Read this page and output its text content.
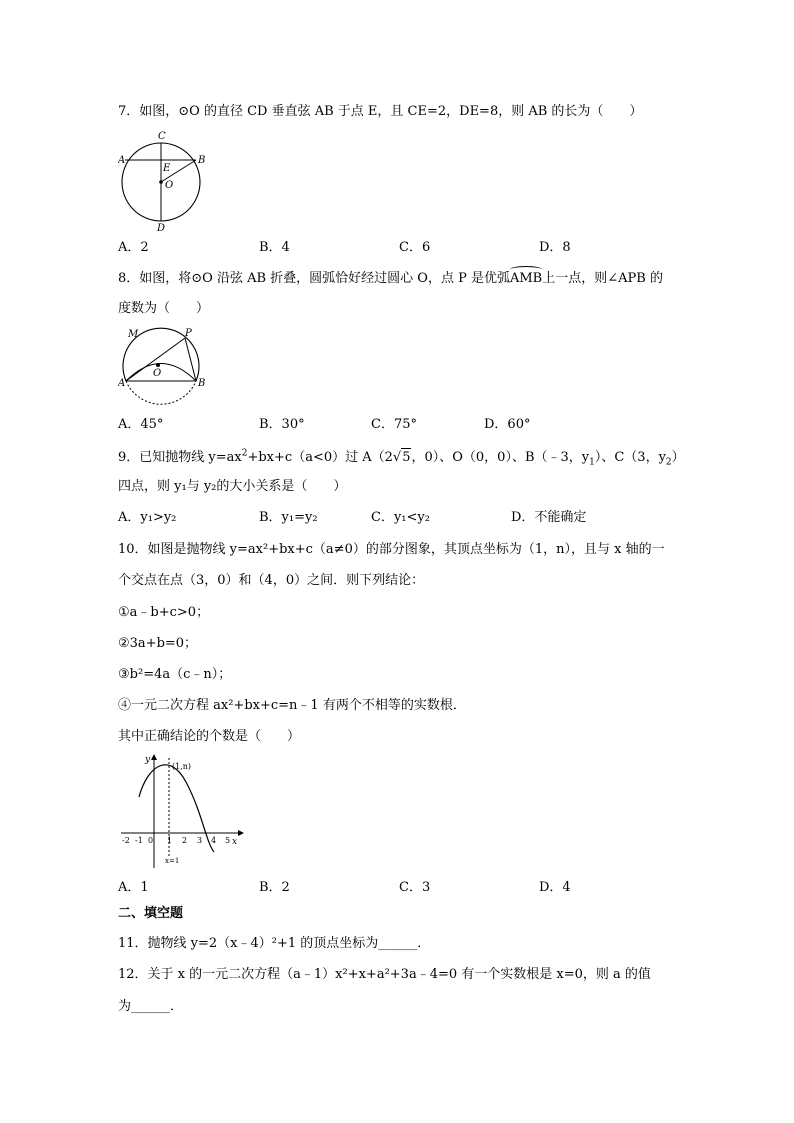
7．如图，⊙O 的直径 CD 垂直弦 AB 于点 E，且 CE=2，DE=8，则 AB 的长为（　　）
C
A	B
E
O
D
A．2	B．4	C．6	D．8
8．如图，将⊙O 沿弦 AB 折叠，圆弧恰好经过圆心 O，点 P 是优弧AMB上一点，则∠APB 的
度数为（　　）
M	P
A
O
B
A．45°	B．30°	C．75°	D．60°
9．已知抛物线 $y=ax^2+bx+c(a<0)$过 A（2√5，0）、O（0，0）、B（﹣3，$y_1$）、C（3，$y_2$）
四点，则 y₁与 y₂的大小关系是（　　）
A．y₁>y₂	B．y₁=y₂	C．y₁<y₂	D．不能确定
10．如图是抛物线 y=ax²+bx+c（a≠0）的部分图象，其顶点坐标为（1，n），且与 x 轴的一
个交点在点（3，0）和（4，0）之间．则下列结论：
①a﹣b+c>0；
②3a+b=0；
③b²=4a（c﹣n）；
④一元二次方程 ax²+bx+c=n﹣1 有两个不相等的实数根．
其中正确结论的个数是（　　）
y
x
(1,n)
x=1
-2 -1 0 1 2 3 4 5
A．1	B．2	C．3	D．4
二、填空题
11．抛物线 y=2（x﹣4）²+1 的顶点坐标为______．
12．关于 x 的一元二次方程（a﹣1）x²+x+a²+3a﹣4=0 有一个实数根是 x=0，则 a 的值
为______．
